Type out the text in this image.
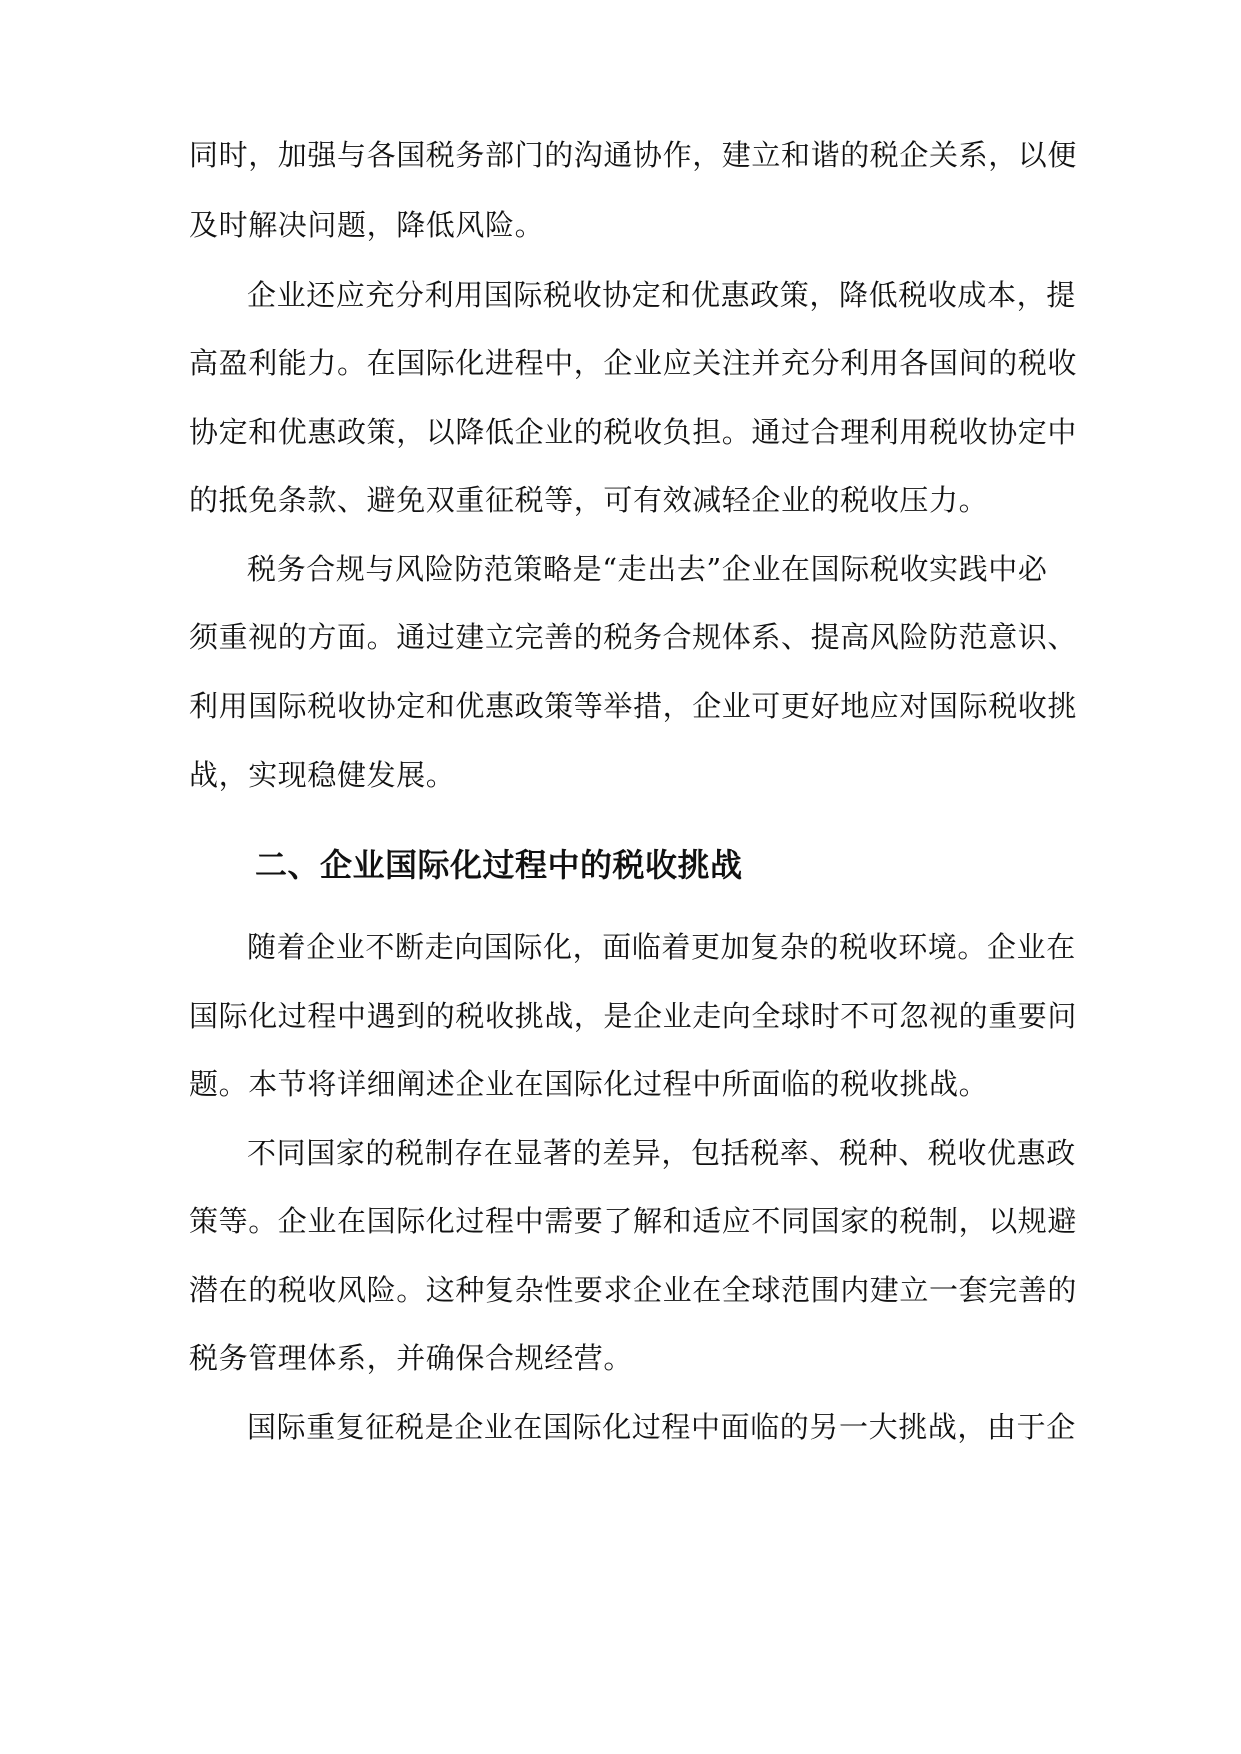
同时，加强与各国税务部门的沟通协作，建立和谐的税企关系，以便
及时解决问题，降低风险。
企业还应充分利用国际税收协定和优惠政策，降低税收成本，提
高盈利能力。在国际化进程中，企业应关注并充分利用各国间的税收
协定和优惠政策，以降低企业的税收负担。通过合理利用税收协定中
的抵免条款、避免双重征税等，可有效减轻企业的税收压力。
税务合规与风险防范策略是“走出去”企业在国际税收实践中必
须重视的方面。通过建立完善的税务合规体系、提高风险防范意识、
利用国际税收协定和优惠政策等举措，企业可更好地应对国际税收挑
战，实现稳健发展。
二、企业国际化过程中的税收挑战
随着企业不断走向国际化，面临着更加复杂的税收环境。企业在
国际化过程中遇到的税收挑战，是企业走向全球时不可忽视的重要问
题。本节将详细阐述企业在国际化过程中所面临的税收挑战。
不同国家的税制存在显著的差异，包括税率、税种、税收优惠政
策等。企业在国际化过程中需要了解和适应不同国家的税制，以规避
潜在的税收风险。这种复杂性要求企业在全球范围内建立一套完善的
税务管理体系，并确保合规经营。
国际重复征税是企业在国际化过程中面临的另一大挑战，由于企
